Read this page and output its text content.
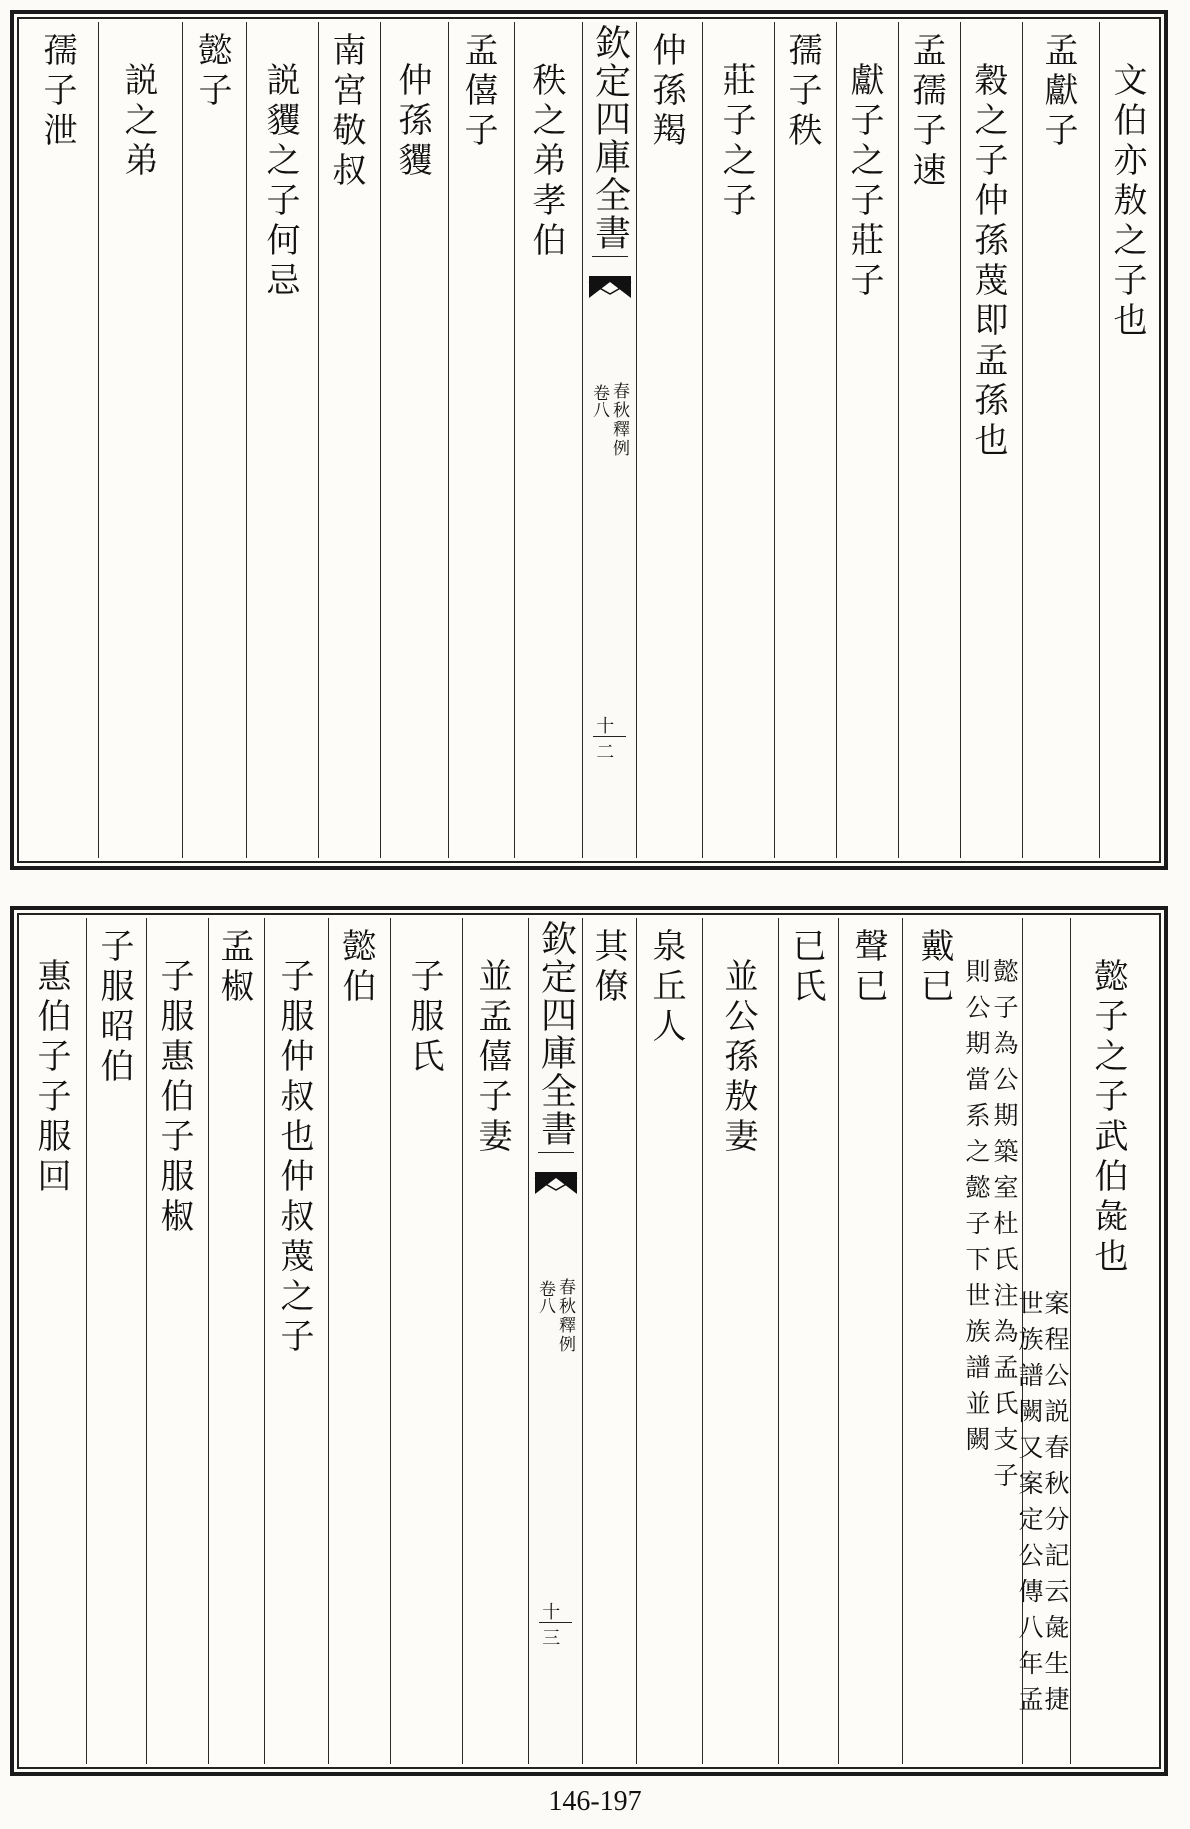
文伯亦敖之子也
孟獻子
穀之子仲孫蔑即孟孫也
孟孺子速
獻子之子莊子
孺子秩
莊子之子
仲孫羯
欽定四庫全書
春秋釋例
卷八
十二
秩之弟孝伯
孟僖子
仲孫貜
南宮敬叔
説貜之子何忌
懿子
説之弟
孺子泄
懿子之子武伯彘也
案程公説春秋分記云彘生捷
世族譜闕又案定公傳八年孟
懿子為公期築室杜氏注為孟氏支子
則公期當系之懿子下世族譜並闕
戴已
聲已
已氏
並公孫敖妻
泉丘人
其僚
欽定四庫全書
春秋釋例
卷八
十三
並孟僖子妻
子服氏
懿伯
子服仲叔也仲叔蔑之子
孟椒
子服惠伯子服椒
子服昭伯
惠伯子子服回
146-197
